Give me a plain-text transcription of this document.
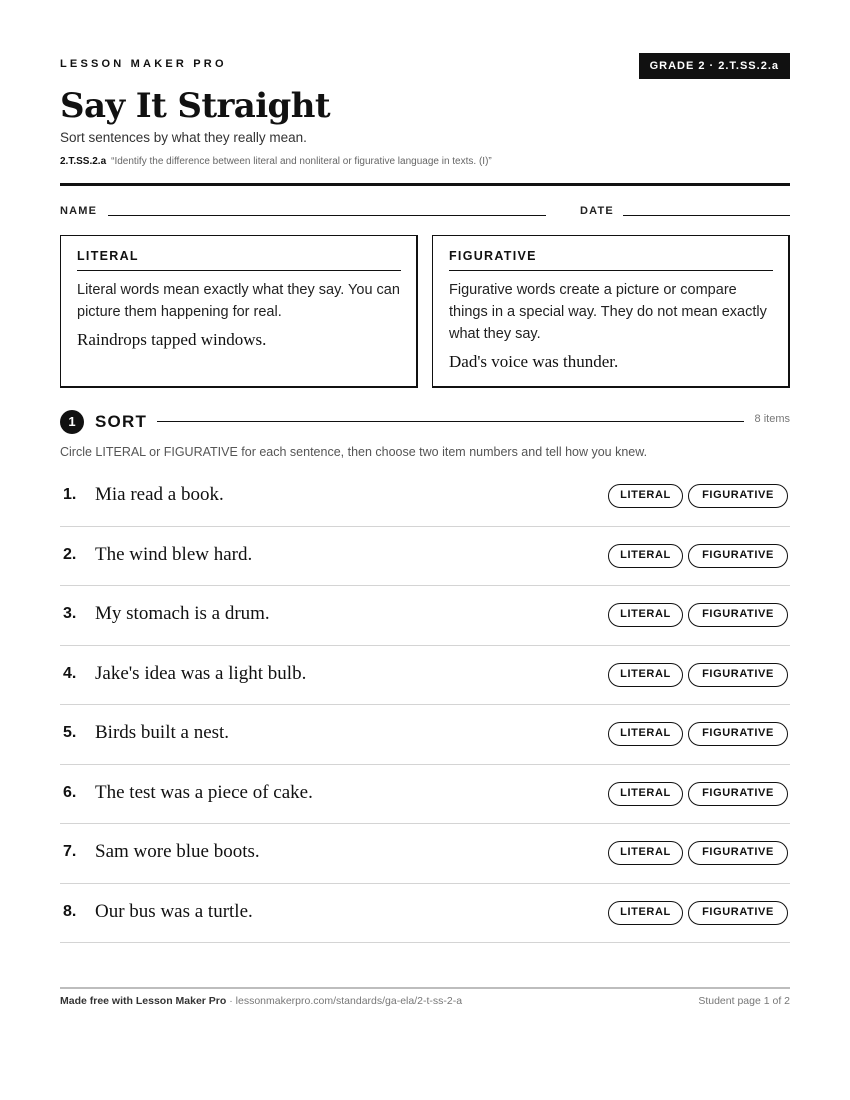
LESSON MAKER PRO	GRADE 2 · 2.T.SS.2.a
Say It Straight
Sort sentences by what they really mean.
2.T.SS.2.a “Identify the difference between literal and nonliteral or figurative language in texts. (I)”
NAME	DATE
LITERAL
Literal words mean exactly what they say. You can picture them happening for real.
Raindrops tapped windows.
FIGURATIVE
Figurative words create a picture or compare things in a special way. They do not mean exactly what they say.
Dad's voice was thunder.
1	SORT	8 items
Circle LITERAL or FIGURATIVE for each sentence, then choose two item numbers and tell how you knew.
1. Mia read a book.	LITERAL	FIGURATIVE
2. The wind blew hard.	LITERAL	FIGURATIVE
3. My stomach is a drum.	LITERAL	FIGURATIVE
4. Jake's idea was a light bulb.	LITERAL	FIGURATIVE
5. Birds built a nest.	LITERAL	FIGURATIVE
6. The test was a piece of cake.	LITERAL	FIGURATIVE
7. Sam wore blue boots.	LITERAL	FIGURATIVE
8. Our bus was a turtle.	LITERAL	FIGURATIVE
Made free with Lesson Maker Pro · lessonmakerpro.com/standards/ga-ela/2-t-ss-2-a	Student page 1 of 2
